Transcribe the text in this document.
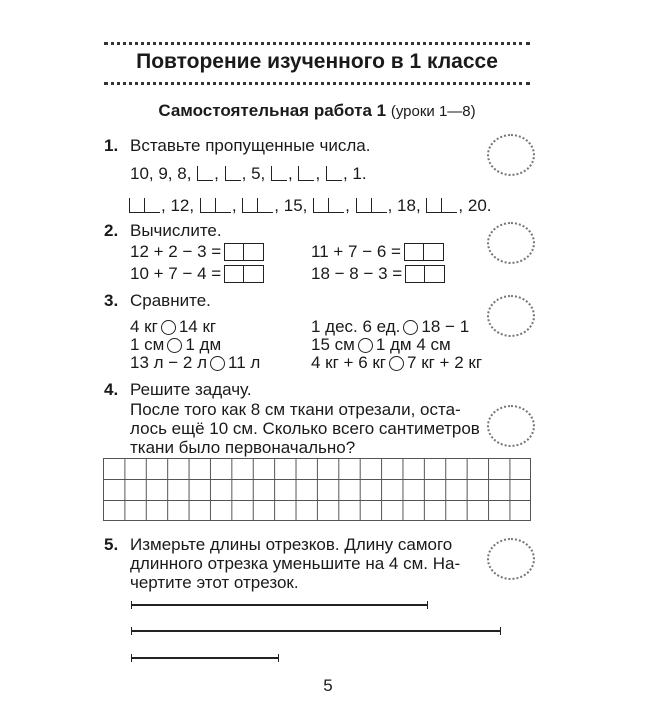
Повторение изученного в 1 классе
Самостоятельная работа 1 (уроки 1—8)
1. Вставьте пропущенные числа.
10, 9, 8, , , 5, , , , 1.
, 12, , , 15, , , 18, , 20.
2. Вычислите.
12 + 2 − 3 =
10 + 7 − 4 =
11 + 7 − 6 =
18 − 8 − 3 =
3. Сравните.
4 кг 14 кг
1 см 1 дм
13 л − 2 л 11 л
1 дес. 6 ед. 18 − 1
15 см 1 дм 4 см
4 кг + 6 кг 7 кг + 2 кг
4. Решите задачу.
После того как 8 см ткани отрезали, оста-
лось ещё 10 см. Сколько всего сантиметров
ткани было первоначально?
5. Измерьте длины отрезков. Длину самого
длинного отрезка уменьшите на 4 см. На-
чертите этот отрезок.
5
